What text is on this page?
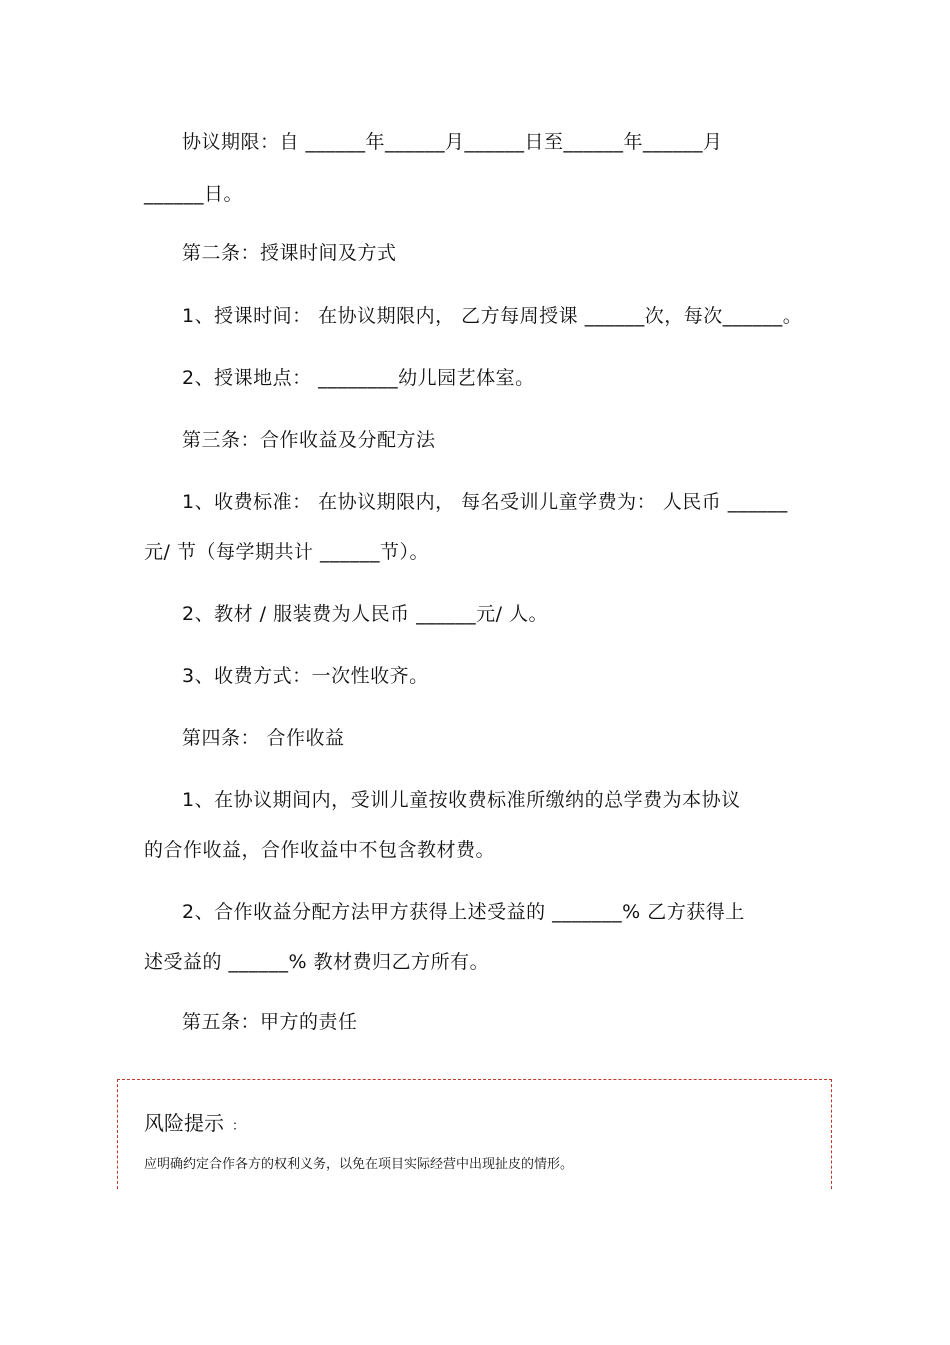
协议期限：自 ______年______月______日至______年______月
______日。
第二条：授课时间及方式
1、授课时间： 在协议期限内， 乙方每周授课 ______次，每次______。
2、授课地点： ________幼儿园艺体室。
第三条：合作收益及分配方法
1、收费标准： 在协议期限内， 每名受训儿童学费为： 人民币 ______
元/ 节（每学期共计 ______节）。
2、教材 / 服装费为人民币 ______元/ 人。
3、收费方式：一次性收齐。
第四条： 合作收益
1、在协议期间内，受训儿童按收费标准所缴纳的总学费为本协议
的合作收益，合作收益中不包含教材费。
2、合作收益分配方法甲方获得上述受益的 _______% 乙方获得上
述受益的 ______% 教材费归乙方所有。
第五条：甲方的责任
风险提示 ：
应明确约定合作各方的权利义务，以免在项目实际经营中出现扯皮的情形。
